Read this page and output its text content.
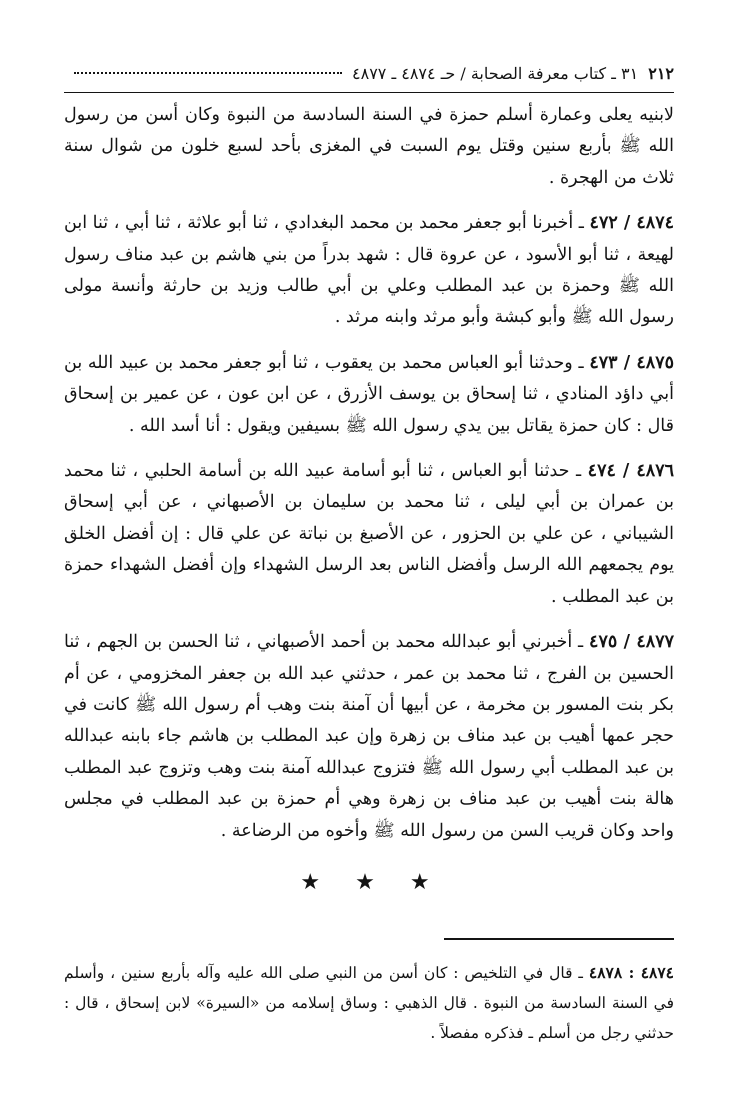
٢١٢
٣١ ـ كتاب معرفة الصحابة / حـ ٤٨٧٤ ـ ٤٨٧٧

لابنيه يعلى وعمارة أسلم حمزة في السنة السادسة من النبوة وكان أسن من رسول الله ﷺ بأربع سنين وقتل يوم السبت في المغزى بأحد لسبع خلون من شوال سنة ثلاث من الهجرة .

٤٨٧٤ / ٤٧٢ ـ أخبرنا أبو جعفر محمد بن محمد البغدادي ، ثنا أبو علاثة ، ثنا أبي ، ثنا ابن لهيعة ، ثنا أبو الأسود ، عن عروة قال : شهد بدراً من بني هاشم بن عبد مناف رسول الله ﷺ وحمزة بن عبد المطلب وعلي بن أبي طالب وزيد بن حارثة وأنسة مولى رسول الله ﷺ وأبو كبشة وأبو مرثد وابنه مرثد .

٤٨٧٥ / ٤٧٣ ـ وحدثنا أبو العباس محمد بن يعقوب ، ثنا أبو جعفر محمد بن عبيد الله بن أبي داؤد المنادي ، ثنا إسحاق بن يوسف الأزرق ، عن ابن عون ، عن عمير بن إسحاق قال : كان حمزة يقاتل بين يدي رسول الله ﷺ بسيفين ويقول : أنا أسد الله .

٤٨٧٦ / ٤٧٤ ـ حدثنا أبو العباس ، ثنا أبو أسامة عبيد الله بن أسامة الحلبي ، ثنا محمد بن عمران بن أبي ليلى ، ثنا محمد بن سليمان بن الأصبهاني ، عن أبي إسحاق الشيباني ، عن علي بن الحزور ، عن الأصبغ بن نباتة عن علي قال : إن أفضل الخلق يوم يجمعهم الله الرسل وأفضل الناس بعد الرسل الشهداء وإن أفضل الشهداء حمزة بن عبد المطلب .

٤٨٧٧ / ٤٧٥ ـ أخبرني أبو عبدالله محمد بن أحمد الأصبهاني ، ثنا الحسن بن الجهم ، ثنا الحسين بن الفرج ، ثنا محمد بن عمر ، حدثني عبد الله بن جعفر المخزومي ، عن أم بكر بنت المسور بن مخرمة ، عن أبيها أن آمنة بنت وهب أم رسول الله ﷺ كانت في حجر عمها أهيب بن عبد مناف بن زهرة وإن عبد المطلب بن هاشم جاء بابنه عبدالله بن عبد المطلب أبي رسول الله ﷺ فتزوج عبدالله آمنة بنت وهب وتزوج عبد المطلب هالة بنت أهيب بن عبد مناف بن زهرة وهي أم حمزة بن عبد المطلب في مجلس واحد وكان قريب السن من رسول الله ﷺ وأخوه من الرضاعة .

★ ★ ★

٤٨٧٤ : ٤٨٧٨ ـ قال في التلخيص : كان أسن من النبي صلى الله عليه وآله بأربع سنين ، وأسلم في السنة السادسة من النبوة . قال الذهبي : وساق إسلامه من «السيرة» لابن إسحاق ، قال : حدثني رجل من أسلم ـ فذكره مفصلاً .
